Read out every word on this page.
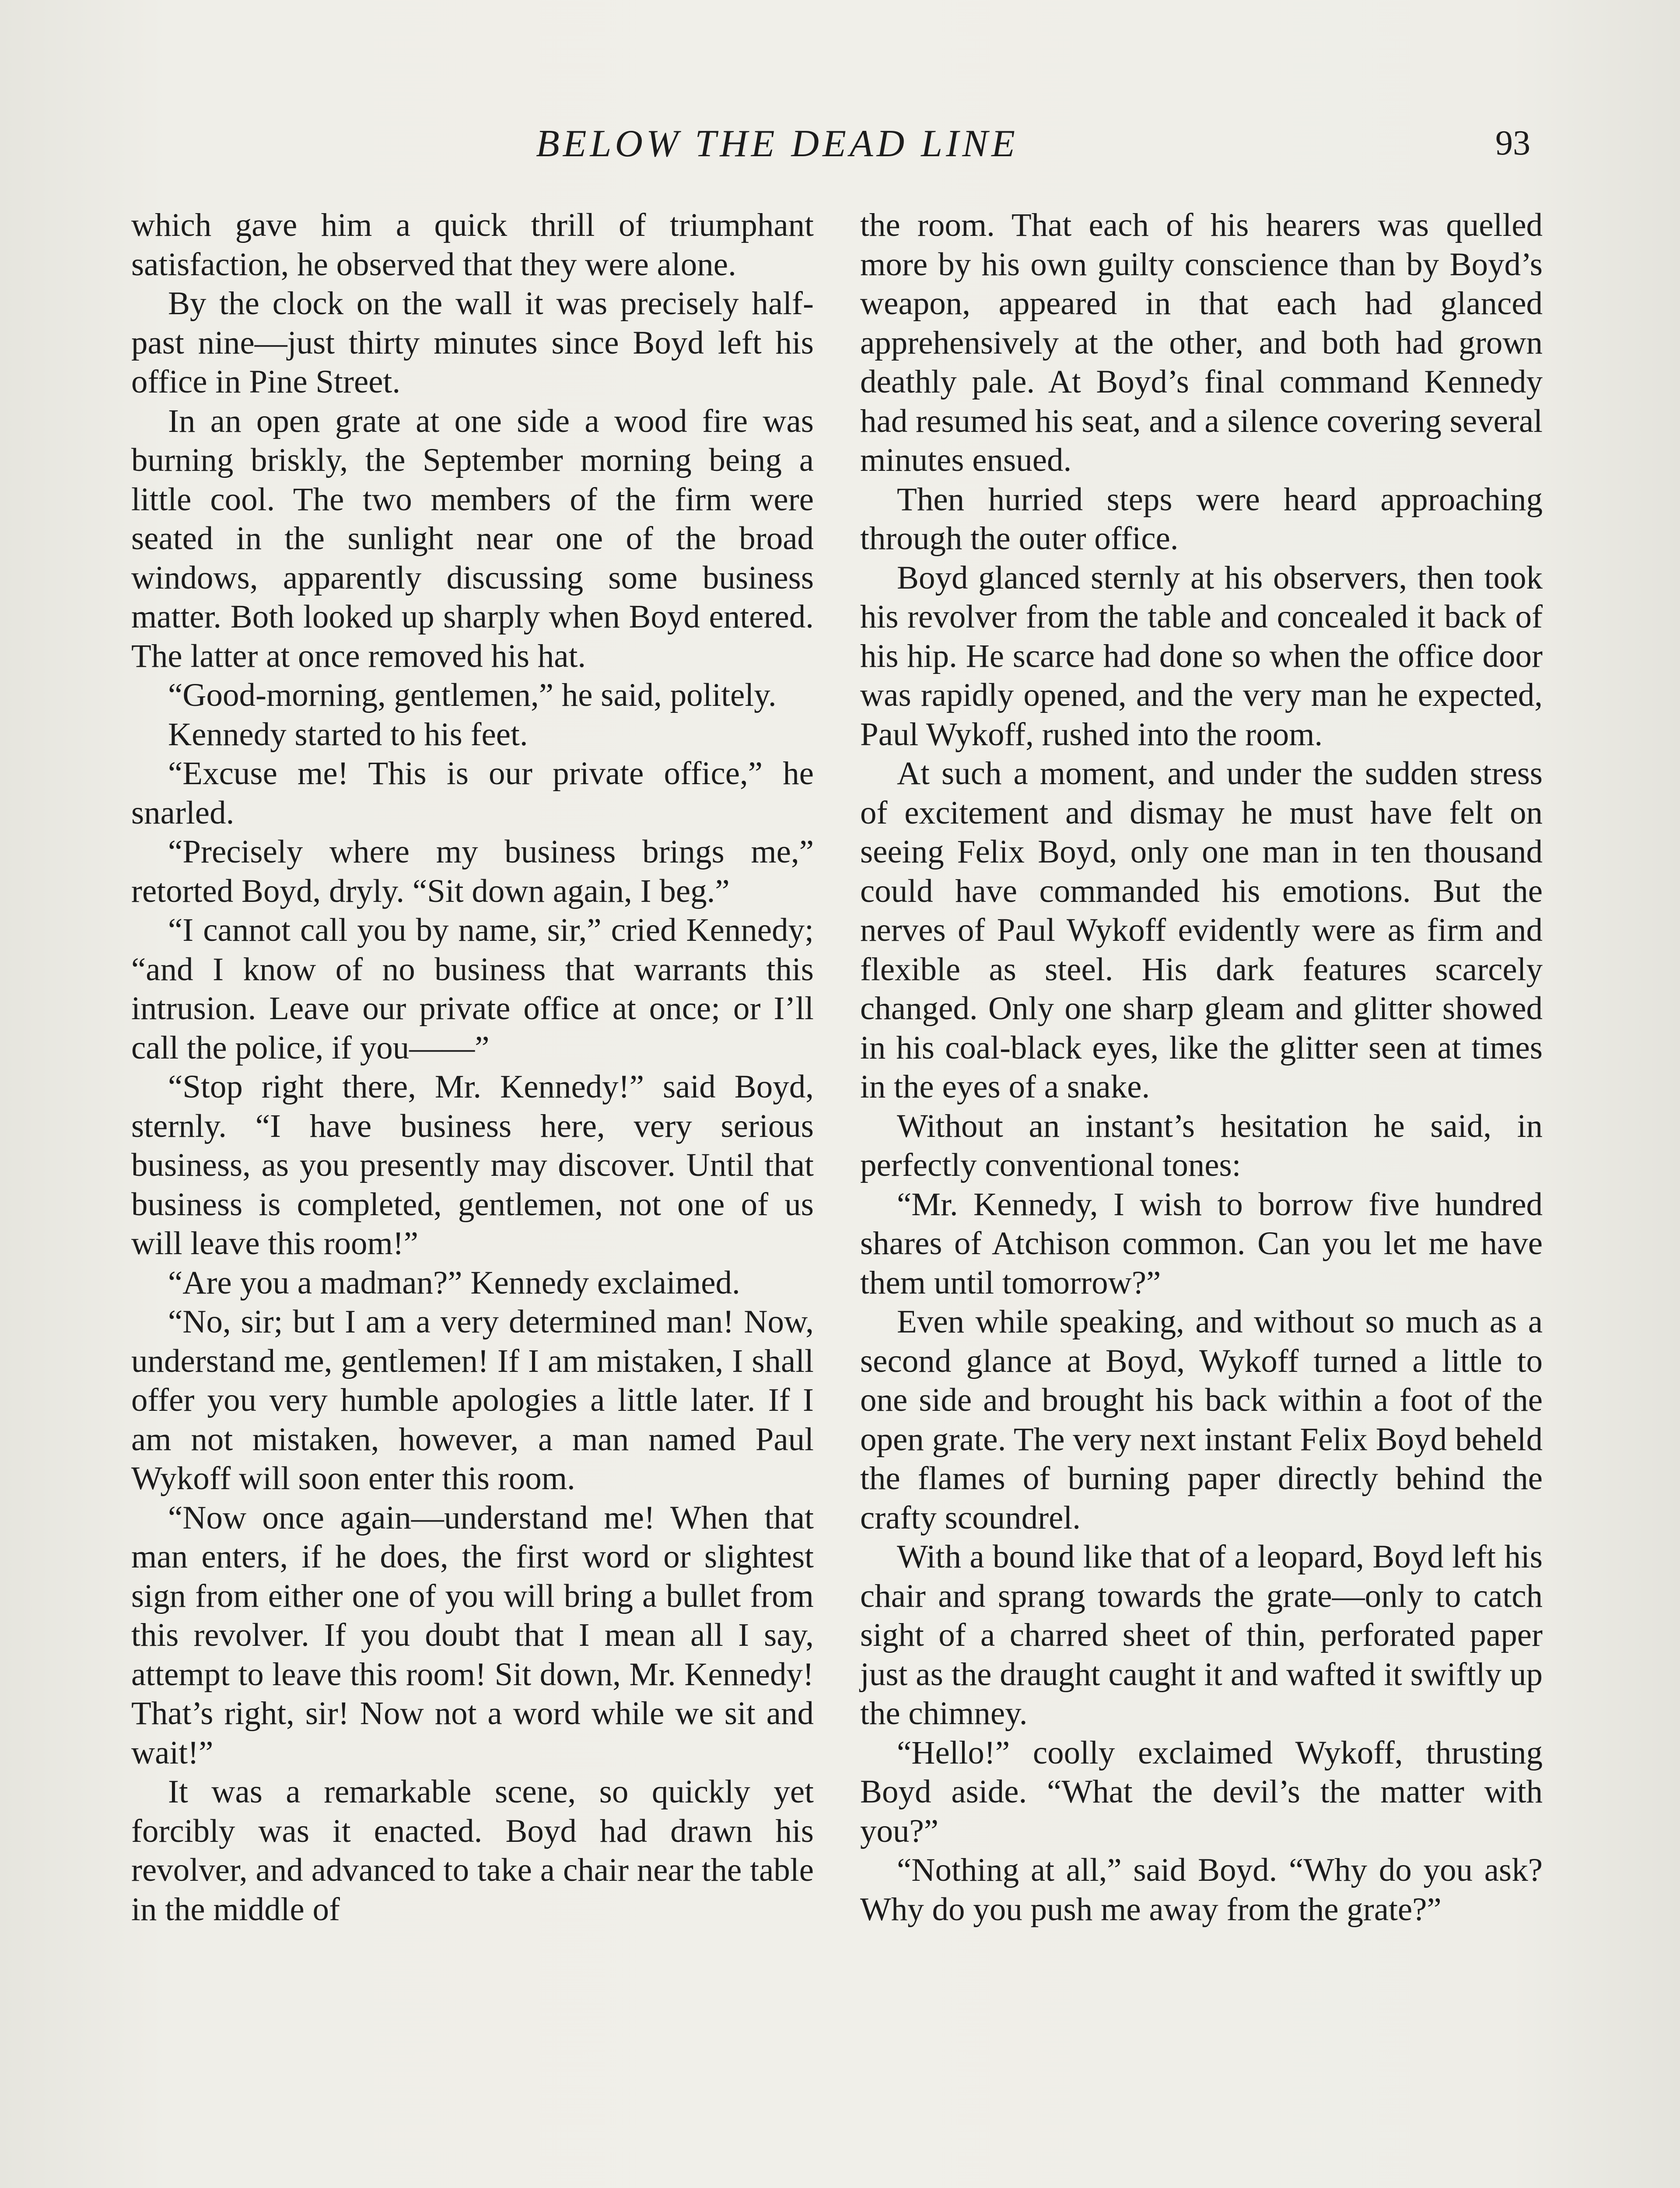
BELOW THE DEAD LINE	93

which gave him a quick thrill of triumphant satisfaction, he observed that they were alone.

By the clock on the wall it was precisely half-past nine—just thirty minutes since Boyd left his office in Pine Street.

In an open grate at one side a wood fire was burning briskly, the September morning being a little cool. The two members of the firm were seated in the sunlight near one of the broad windows, apparently discussing some business matter. Both looked up sharply when Boyd entered. The latter at once removed his hat.

“Good-morning, gentlemen,” he said, politely.

Kennedy started to his feet.

“Excuse me! This is our private office,” he snarled.

“Precisely where my business brings me,” retorted Boyd, dryly. “Sit down again, I beg.”

“I cannot call you by name, sir,” cried Kennedy; “and I know of no business that warrants this intrusion. Leave our private office at once; or I’ll call the police, if you——”

“Stop right there, Mr. Kennedy!” said Boyd, sternly. “I have business here, very serious business, as you presently may discover. Until that business is completed, gentlemen, not one of us will leave this room!”

“Are you a madman?” Kennedy exclaimed.

“No, sir; but I am a very determined man! Now, understand me, gentlemen! If I am mistaken, I shall offer you very humble apologies a little later. If I am not mistaken, however, a man named Paul Wykoff will soon enter this room.

“Now once again—understand me! When that man enters, if he does, the first word or slightest sign from either one of you will bring a bullet from this revolver. If you doubt that I mean all I say, attempt to leave this room! Sit down, Mr. Kennedy! That’s right, sir! Now not a word while we sit and wait!”

It was a remarkable scene, so quickly yet forcibly was it enacted. Boyd had drawn his revolver, and advanced to take a chair near the table in the middle of

the room. That each of his hearers was quelled more by his own guilty conscience than by Boyd’s weapon, appeared in that each had glanced apprehensively at the other, and both had grown deathly pale. At Boyd’s final command Kennedy had resumed his seat, and a silence covering several minutes ensued.

Then hurried steps were heard approaching through the outer office.

Boyd glanced sternly at his observers, then took his revolver from the table and concealed it back of his hip. He scarce had done so when the office door was rapidly opened, and the very man he expected, Paul Wykoff, rushed into the room.

At such a moment, and under the sudden stress of excitement and dismay he must have felt on seeing Felix Boyd, only one man in ten thousand could have commanded his emotions. But the nerves of Paul Wykoff evidently were as firm and flexible as steel. His dark features scarcely changed. Only one sharp gleam and glitter showed in his coal-black eyes, like the glitter seen at times in the eyes of a snake.

Without an instant’s hesitation he said, in perfectly conventional tones:

“Mr. Kennedy, I wish to borrow five hundred shares of Atchison common. Can you let me have them until tomorrow?”

Even while speaking, and without so much as a second glance at Boyd, Wykoff turned a little to one side and brought his back within a foot of the open grate. The very next instant Felix Boyd beheld the flames of burning paper directly behind the crafty scoundrel.

With a bound like that of a leopard, Boyd left his chair and sprang towards the grate—only to catch sight of a charred sheet of thin, perforated paper just as the draught caught it and wafted it swiftly up the chimney.

“Hello!” coolly exclaimed Wykoff, thrusting Boyd aside. “What the devil’s the matter with you?”

“Nothing at all,” said Boyd. “Why do you ask? Why do you push me away from the grate?”
